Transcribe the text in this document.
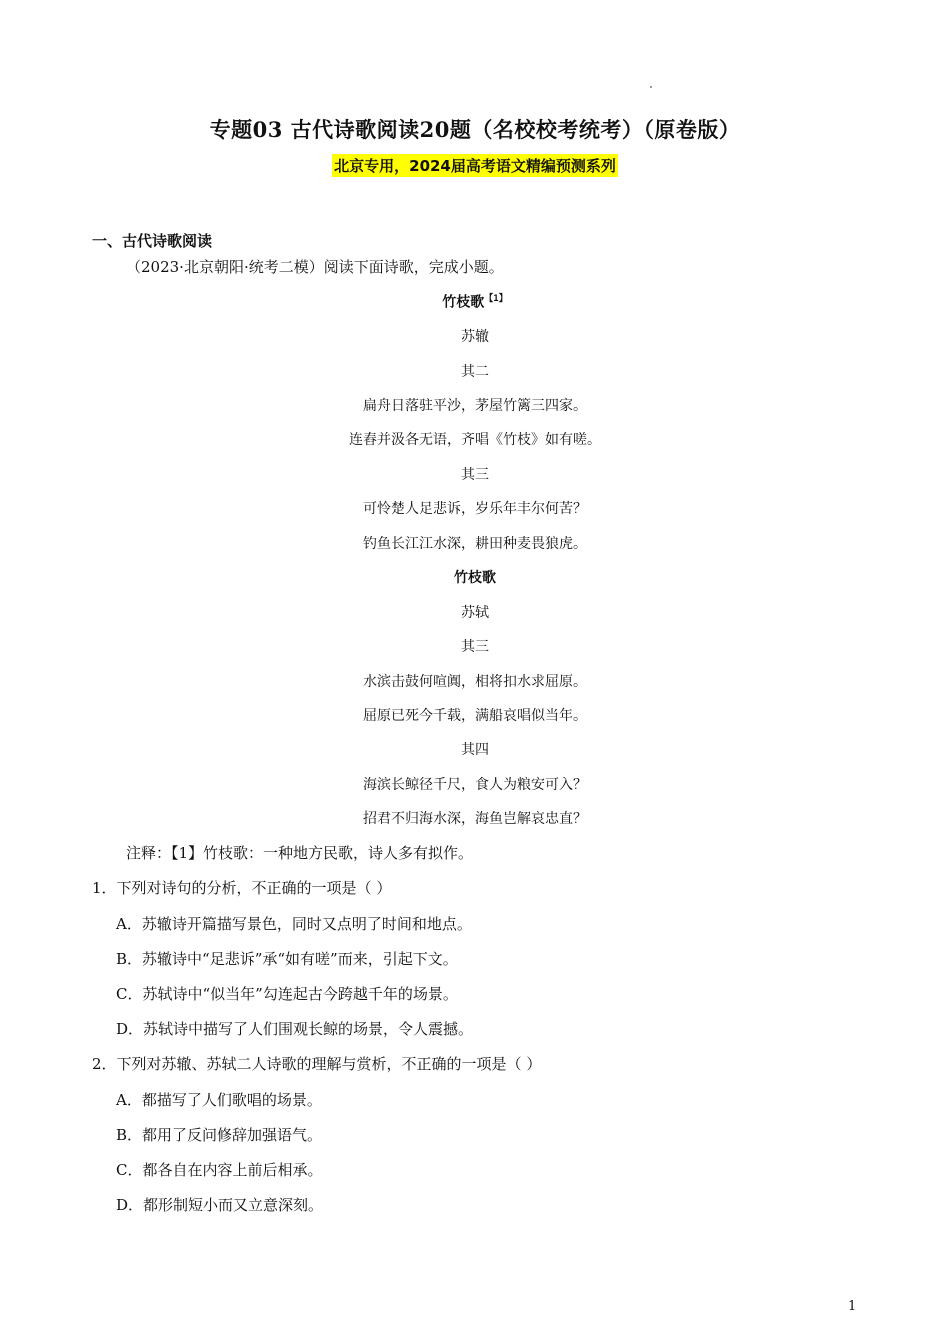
专题03 古代诗歌阅读20题（名校校考统考）（原卷版）
北京专用，2024届高考语文精编预测系列
一、古代诗歌阅读
（2023·北京朝阳·统考二模）阅读下面诗歌，完成小题。
竹枝歌$^{【1】}$
苏辙
其二
扁舟日落驻平沙，茅屋竹篱三四家。
连舂并汲各无语，齐唱《竹枝》如有嗟。
其三
可怜楚人足悲诉，岁乐年丰尔何苦？
钓鱼长江江水深，耕田种麦畏狼虎。
竹枝歌
苏轼
其三
水滨击鼓何喧阗，相将扣水求屈原。
屈原已死今千载，满船哀唱似当年。
其四
海滨长鲸径千尺，食人为粮安可入？
招君不归海水深，海鱼岂解哀忠直？
注释：【1】竹枝歌：一种地方民歌，诗人多有拟作。
1．下列对诗句的分析，不正确的一项是（ ）
A．苏辙诗开篇描写景色，同时又点明了时间和地点。
B．苏辙诗中“足悲诉”承“如有嗟”而来，引起下文。
C．苏轼诗中“似当年”勾连起古今跨越千年的场景。
D．苏轼诗中描写了人们围观长鲸的场景，令人震撼。
2．下列对苏辙、苏轼二人诗歌的理解与赏析，不正确的一项是（ ）
A．都描写了人们歌唱的场景。
B．都用了反问修辞加强语气。
C．都各自在内容上前后相承。
D．都形制短小而又立意深刻。
1
